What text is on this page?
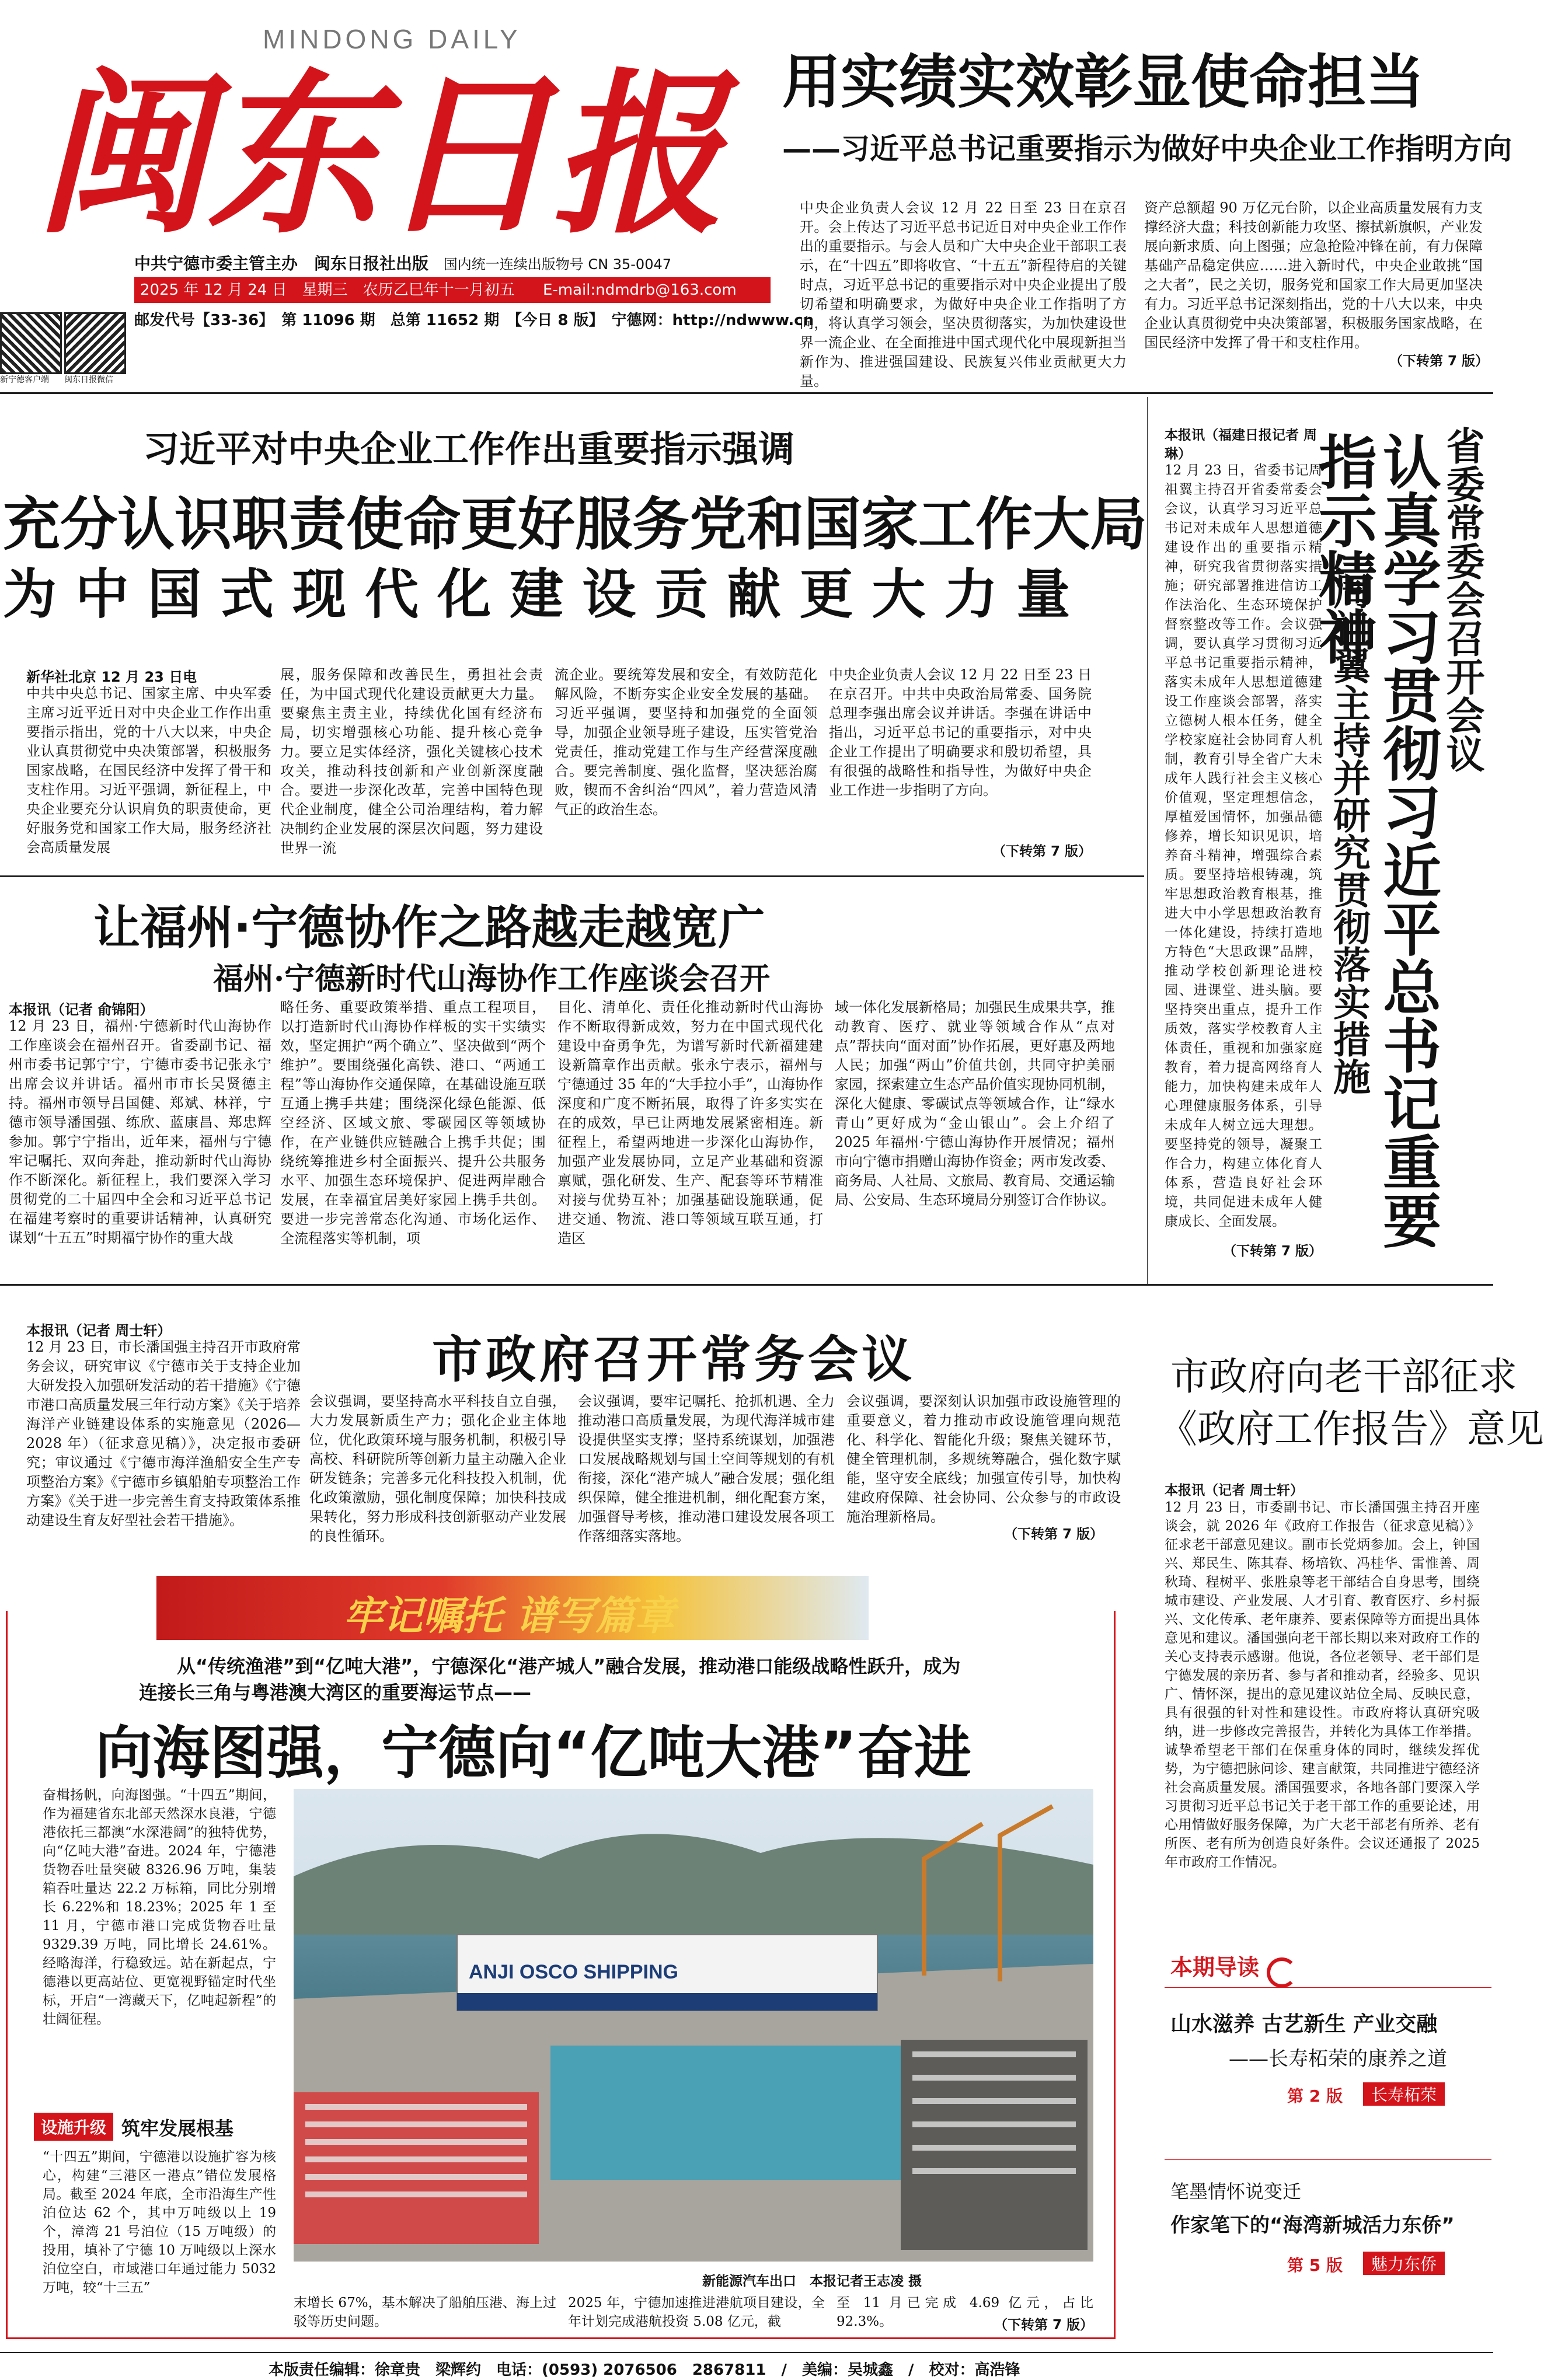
MINDONG DAILY
闽东日报
中共宁德市委主管主办　闽东日报社出版 国内统一连续出版物号 CN 35-0047
2025 年 12 月 24 日　星期三　农历乙巳年十一月初五 E-mail:ndmdrb@163.com
邮发代号【33-36】　第 11096 期　总第 11652 期　【今日 8 版】　宁德网：http://ndwww.cn
新宁德客户端 闽东日报微信
用实绩实效彰显使命担当
——习近平总书记重要指示为做好中央企业工作指明方向
中央企业负责人会议 12 月 22 日至 23 日在京召开。会上传达了习近平总书记近日对中央企业工作作出的重要指示。与会人员和广大中央企业干部职工表示，在“十四五”即将收官、“十五五”新程待启的关键时点，习近平总书记的重要指示对中央企业提出了殷切希望和明确要求，为做好中央企业工作指明了方向，将认真学习领会，坚决贯彻落实，为加快建设世界一流企业、在全面推进中国式现代化中展现新担当新作为、推进强国建设、民族复兴伟业贡献更大力量。
资产总额超 90 万亿元台阶，以企业高质量发展有力支撑经济大盘；科技创新能力攻坚、擦拭新旗帜，产业发展向新求质、向上图强；应急抢险冲锋在前，有力保障基础产品稳定供应……进入新时代，中央企业敢挑“国之大者”，民之关切，服务党和国家工作大局更加坚决有力。习近平总书记深刻指出，党的十八大以来，中央企业认真贯彻党中央决策部署，积极服务国家战略，在国民经济中发挥了骨干和支柱作用。
（下转第 7 版）
习近平对中央企业工作作出重要指示强调
充分认识职责使命更好服务党和国家工作大局
为 中 国 式 现 代 化 建 设 贡 献 更 大 力 量
新华社北京 12 月 23 日电
中共中央总书记、国家主席、中央军委主席习近平近日对中央企业工作作出重要指示指出，党的十八大以来，中央企业认真贯彻党中央决策部署，积极服务国家战略，在国民经济中发挥了骨干和支柱作用。习近平强调，新征程上，中央企业要充分认识肩负的职责使命，更好服务党和国家工作大局，服务经济社会高质量发展
展，服务保障和改善民生，勇担社会责任，为中国式现代化建设贡献更大力量。要聚焦主责主业，持续优化国有经济布局，切实增强核心功能、提升核心竞争力。要立足实体经济，强化关键核心技术攻关，推动科技创新和产业创新深度融合。要进一步深化改革，完善中国特色现代企业制度，健全公司治理结构，着力解决制约企业发展的深层次问题，努力建设世界一流
流企业。要统筹发展和安全，有效防范化解风险，不断夯实企业安全发展的基础。习近平强调，要坚持和加强党的全面领导，加强企业领导班子建设，压实管党治党责任，推动党建工作与生产经营深度融合。要完善制度、强化监督，坚决惩治腐败，锲而不舍纠治“四风”，着力营造风清气正的政治生态。
中央企业负责人会议 12 月 22 日至 23 日在京召开。中共中央政治局常委、国务院总理李强出席会议并讲话。李强在讲话中指出，习近平总书记的重要指示，对中央企业工作提出了明确要求和殷切希望，具有很强的战略性和指导性，为做好中央企业工作进一步指明了方向。
（下转第 7 版）
本报讯（福建日报记者 周琳）
12 月 23 日，省委书记周祖翼主持召开省委常委会会议，认真学习习近平总书记对未成年人思想道德建设作出的重要指示精神，研究我省贯彻落实措施；研究部署推进信访工作法治化、生态环境保护督察整改等工作。会议强调，要认真学习贯彻习近平总书记重要指示精神，落实未成年人思想道德建设工作座谈会部署，落实立德树人根本任务，健全学校家庭社会协同育人机制，教育引导全省广大未成年人践行社会主义核心价值观，坚定理想信念，厚植爱国情怀，加强品德修养，增长知识见识，培养奋斗精神，增强综合素质。要坚持培根铸魂，筑牢思想政治教育根基，推进大中小学思想政治教育一体化建设，持续打造地方特色“大思政课”品牌，推动学校创新理论进校园、进课堂、进头脑。要坚持突出重点，提升工作质效，落实学校教育人主体责任，重视和加强家庭教育，着力提高网络育人能力，加快构建未成年人心理健康服务体系，引导未成年人树立远大理想。要坚持党的领导，凝聚工作合力，构建立体化育人体系，营造良好社会环境，共同促进未成年人健康成长、全面发展。
（下转第 7 版）
认真学习贯彻习近平总书记重要指示精神	省委常委会召开会议
周祖翼主持并研究贯彻落实措施
让福州·宁德协作之路越走越宽广
福州·宁德新时代山海协作工作座谈会召开
本报讯（记者 俞锦阳）
12 月 23 日，福州·宁德新时代山海协作工作座谈会在福州召开。省委副书记、福州市委书记郭宁宁，宁德市委书记张永宁出席会议并讲话。福州市市长吴贤德主持。福州市领导吕国健、郑斌、林祥，宁德市领导潘国强、练欣、蓝康昌、郑忠辉参加。郭宁宁指出，近年来，福州与宁德牢记嘱托、双向奔赴，推动新时代山海协作不断深化。新征程上，我们要深入学习贯彻党的二十届四中全会和习近平总书记在福建考察时的重要讲话精神，认真研究谋划“十五五”时期福宁协作的重大战
略任务、重要政策举措、重点工程项目，以打造新时代山海协作样板的实干实绩实效，坚定拥护“两个确立”、坚决做到“两个维护”。要围绕强化高铁、港口、“两通工程”等山海协作交通保障，在基础设施互联互通上携手共建；围绕深化绿色能源、低空经济、区域文旅、零碳园区等领域协作，在产业链供应链融合上携手共促；围绕统筹推进乡村全面振兴、提升公共服务水平、加强生态环境保护、促进两岸融合发展，在幸福宜居美好家园上携手共创。要进一步完善常态化沟通、市场化运作、全流程落实等机制，项
目化、清单化、责任化推动新时代山海协作不断取得新成效，努力在中国式现代化建设中奋勇争先，为谱写新时代新福建建设新篇章作出贡献。张永宁表示，福州与宁德通过 35 年的“大手拉小手”，山海协作深度和广度不断拓展，取得了许多实实在在的成效，早已让两地发展紧密相连。新征程上，希望两地进一步深化山海协作，加强产业发展协同，立足产业基础和资源禀赋，强化研发、生产、配套等环节精准对接与优势互补；加强基础设施联通，促进交通、物流、港口等领域互联互通，打造区
域一体化发展新格局；加强民生成果共享，推动教育、医疗、就业等领域合作从“点对点”帮扶向“面对面”协作拓展，更好惠及两地人民；加强“两山”价值共创，共同守护美丽家园，探索建立生态产品价值实现协同机制，深化大健康、零碳试点等领域合作，让“绿水青山”更好成为“金山银山”。会上介绍了 2025 年福州·宁德山海协作开展情况；福州市向宁德市捐赠山海协作资金；两市发改委、商务局、人社局、文旅局、教育局、交通运输局、公安局、生态环境局分别签订合作协议。
本报讯（记者 周士轩）
12 月 23 日，市长潘国强主持召开市政府常务会议，研究审议《宁德市关于支持企业加大研发投入加强研发活动的若干措施》《宁德市港口高质量发展三年行动方案》《关于培养海洋产业链建设体系的实施意见（2026—2028 年）（征求意见稿）》，决定报市委研究；审议通过《宁德市海洋渔船安全生产专项整治方案》《宁德市乡镇船舶专项整治工作方案》《关于进一步完善生育支持政策体系推动建设生育友好型社会若干措施》。
市政府召开常务会议
会议强调，要坚持高水平科技自立自强，大力发展新质生产力；强化企业主体地位，优化政策环境与服务机制，积极引导高校、科研院所等创新力量主动融入企业研发链条；完善多元化科技投入机制，优化政策激励，强化制度保障；加快科技成果转化，努力形成科技创新驱动产业发展的良性循环。
会议强调，要牢记嘱托、抢抓机遇、全力推动港口高质量发展，为现代海洋城市建设提供坚实支撑；坚持系统谋划，加强港口发展战略规划与国土空间等规划的有机衔接，深化“港产城人”融合发展；强化组织保障，健全推进机制，细化配套方案，加强督导考核，推动港口建设发展各项工作落细落实落地。
会议强调，要深刻认识加强市政设施管理的重要意义，着力推动市政设施管理向规范化、科学化、智能化升级；聚焦关键环节，健全管理机制，多规统筹融合，强化数字赋能，坚守安全底线；加强宣传引导，加快构建政府保障、社会协同、公众参与的市政设施治理新格局。
（下转第 7 版）
市政府向老干部征求
《政府工作报告》意见
本报讯（记者 周士轩）
12 月 23 日，市委副书记、市长潘国强主持召开座谈会，就 2026 年《政府工作报告（征求意见稿）》征求老干部意见建议。副市长党炳参加。会上，钟国兴、郑民生、陈其春、杨培钦、冯桂华、雷惟善、周秋琦、程树平、张胜泉等老干部结合自身思考，围绕城市建设、产业发展、人才引育、教育医疗、乡村振兴、文化传承、老年康养、要素保障等方面提出具体意见和建议。潘国强向老干部长期以来对政府工作的关心支持表示感谢。他说，各位老领导、老干部们是宁德发展的亲历者、参与者和推动者，经验多、见识广、情怀深，提出的意见建议站位全局、反映民意，具有很强的针对性和建设性。市政府将认真研究吸纳，进一步修改完善报告，并转化为具体工作举措。诚挚希望老干部们在保重身体的同时，继续发挥优势，为宁德把脉问诊、建言献策，共同推进宁德经济社会高质量发展。潘国强要求，各地各部门要深入学习贯彻习近平总书记关于老干部工作的重要论述，用心用情做好服务保障，为广大老干部老有所养、老有所医、老有所为创造良好条件。会议还通报了 2025 年市政府工作情况。
牢记嘱托 谱写篇章
从“传统渔港”到“亿吨大港”，宁德深化“港产城人”融合发展，推动港口能级战略性跃升，成为
连接长三角与粤港澳大湾区的重要海运节点——
向海图强，宁德向“亿吨大港”奋进
奋楫扬帆，向海图强。“十四五”期间，作为福建省东北部天然深水良港，宁德港依托三都澳“水深港阔”的独特优势，向“亿吨大港”奋进。2024 年，宁德港货物吞吐量突破 8326.96 万吨，集装箱吞吐量达 22.2 万标箱，同比分别增长 6.22%和 18.23%；2025 年 1 至 11 月，宁德市港口完成货物吞吐量 9329.39 万吨，同比增长 24.61%。经略海洋，行稳致远。站在新起点，宁德港以更高站位、更宽视野锚定时代坐标，开启“一湾藏天下，亿吨起新程”的壮阔征程。
设施升级 筑牢发展根基
“十四五”期间，宁德港以设施扩容为核心，构建“三港区一港点”错位发展格局。截至 2024 年底，全市沿海生产性泊位达 62 个，其中万吨级以上 19 个，漳湾 21 号泊位（15 万吨级）的投用，填补了宁德 10 万吨级以上深水泊位空白，市域港口年通过能力 5032 万吨，较“十三五”
ANJI OSCO SHIPPING
新能源汽车出口　本报记者王志凌 摄
末增长 67%，基本解决了船舶压港、海上过驳等历史问题。
2025 年，宁德加速推进港航项目建设，全年计划完成港航投资 5.08 亿元，截
至 11 月已完成 4.69 亿元，占比 92.3%。	（下转第 7 版）
本期导读
山水滋养 古艺新生 产业交融
——长寿柘荣的康养之道
第 2 版	长寿柘荣
笔墨情怀说变迁
作家笔下的“海湾新城活力东侨”
第 5 版	魅力东侨
本版责任编辑：徐章贵　梁辉约　电话：(0593) 2076506　2867811　/　美编：吴城鑫　/　校对：高浩锋
